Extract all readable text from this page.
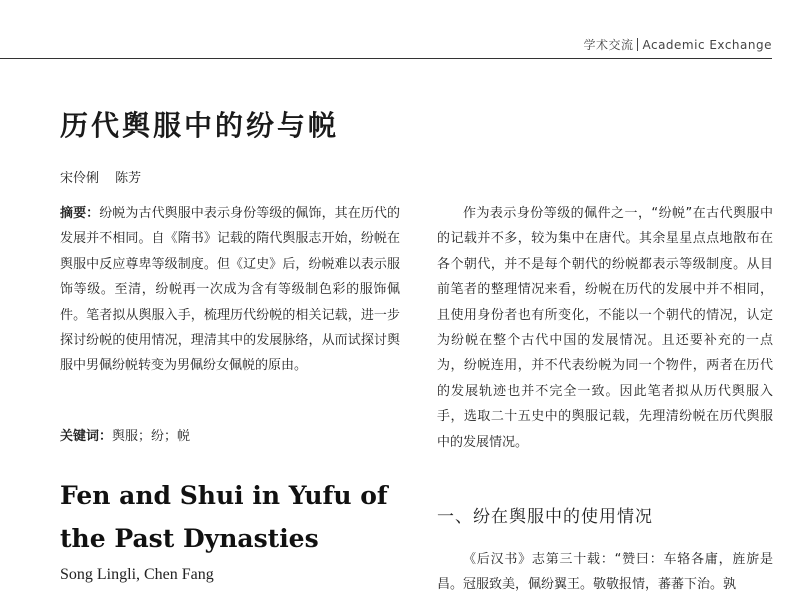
学术交流 Academic Exchange
历代舆服中的纷与帨
宋伶俐 陈芳
摘要：纷帨为古代舆服中表示身份等级的佩饰，其在历代的发展并不相同。自《隋书》记载的隋代舆服志开始，纷帨在舆服中反应尊卑等级制度。但《辽史》后，纷帨难以表示服饰等级。至清，纷帨再一次成为含有等级制色彩的服饰佩件。笔者拟从舆服入手，梳理历代纷帨的相关记载，进一步探讨纷帨的使用情况，理清其中的发展脉络，从而试探讨舆服中男佩纷帨转变为男佩纷女佩帨的原由。
关键词：舆服；纷；帨
Fen and Shui in Yufu of the Past Dynasties
Song Lingli, Chen Fang
作为表示身份等级的佩件之一，“纷帨”在古代舆服中的记载并不多，较为集中在唐代。其余星星点点地散布在各个朝代，并不是每个朝代的纷帨都表示等级制度。从目前笔者的整理情况来看，纷帨在历代的发展中并不相同，且使用身份者也有所变化，不能以一个朝代的情况，认定为纷帨在整个古代中国的发展情况。且还要补充的一点为，纷帨连用，并不代表纷帨为同一个物件，两者在历代的发展轨迹也并不完全一致。因此笔者拟从历代舆服入手，选取二十五史中的舆服记载，先理清纷帨在历代舆服中的发展情况。
一、纷在舆服中的使用情况
《后汉书》志第三十载：“赞曰：车辂各庸，旌旂是昌。冠服致美，佩纷翼王。敬敬报情，蕃蕃下治。孰
